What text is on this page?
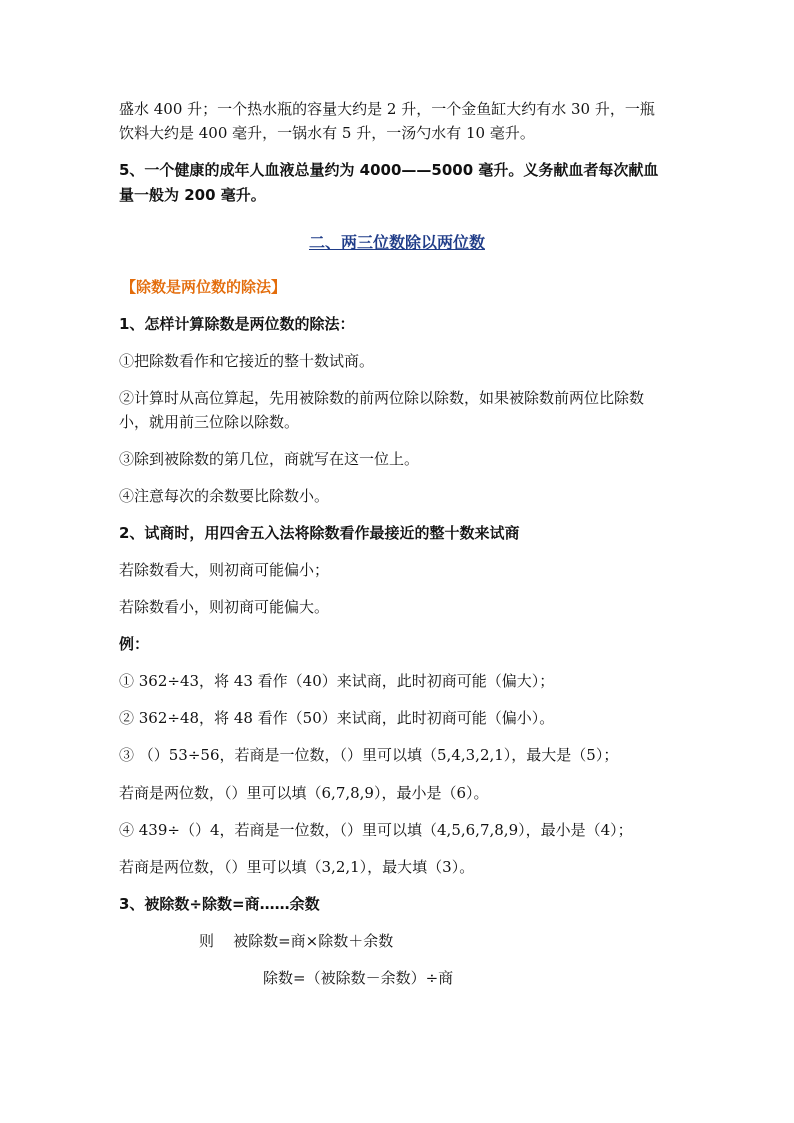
盛水 400 升；一个热水瓶的容量大约是 2 升，一个金鱼缸大约有水 30 升，一瓶
饮料大约是 400 毫升，一锅水有 5 升，一汤勺水有 10 毫升。
5、一个健康的成年人血液总量约为 4000——5000 毫升。义务献血者每次献血
量一般为 200 毫升。
二、两三位数除以两位数
【除数是两位数的除法】
1、怎样计算除数是两位数的除法：
①把除数看作和它接近的整十数试商。
②计算时从高位算起，先用被除数的前两位除以除数，如果被除数前两位比除数
小，就用前三位除以除数。
③除到被除数的第几位，商就写在这一位上。
④注意每次的余数要比除数小。
2、试商时，用四舍五入法将除数看作最接近的整十数来试商
若除数看大，则初商可能偏小；
若除数看小，则初商可能偏大。
例：
① 362÷43，将 43 看作（40）来试商，此时初商可能（偏大）；
② 362÷48，将 48 看作（50）来试商，此时初商可能（偏小）。
③ （）53÷56，若商是一位数，（）里可以填（5,4,3,2,1），最大是（5）；
若商是两位数，（）里可以填（6,7,8,9），最小是（6）。
④ 439÷（）4，若商是一位数，（）里可以填（4,5,6,7,8,9），最小是（4）；
若商是两位数，（）里可以填（3,2,1），最大填（3）。
3、被除数÷除数=商……余数
则    被除数=商×除数＋余数
除数=（被除数－余数）÷商
